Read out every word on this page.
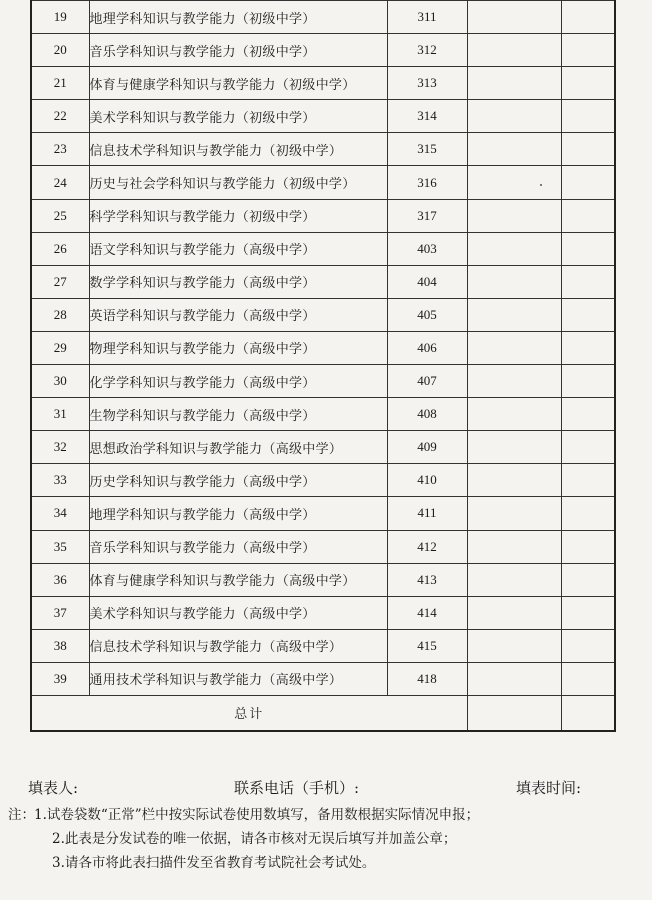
19	地理学科知识与教学能力（初级中学）	311		
20	音乐学科知识与教学能力（初级中学）	312		
21	体育与健康学科知识与教学能力（初级中学）	313		
22	美术学科知识与教学能力（初级中学）	314		
23	信息技术学科知识与教学能力（初级中学）	315		
24	历史与社会学科知识与教学能力（初级中学）	316		
25	科学学科知识与教学能力（初级中学）	317		
26	语文学科知识与教学能力（高级中学）	403		
27	数学学科知识与教学能力（高级中学）	404		
28	英语学科知识与教学能力（高级中学）	405		
29	物理学科知识与教学能力（高级中学）	406		
30	化学学科知识与教学能力（高级中学）	407		
31	生物学科知识与教学能力（高级中学）	408		
32	思想政治学科知识与教学能力（高级中学）	409		
33	历史学科知识与教学能力（高级中学）	410		
34	地理学科知识与教学能力（高级中学）	411		
35	音乐学科知识与教学能力（高级中学）	412		
36	体育与健康学科知识与教学能力（高级中学）	413		
37	美术学科知识与教学能力（高级中学）	414		
38	信息技术学科知识与教学能力（高级中学）	415		
39	通用技术学科知识与教学能力（高级中学）	418		
总计				
填表人:	联系电话（手机）:	填表时间:
注： 1.试卷袋数“正常”栏中按实际试卷使用数填写，备用数根据实际情况申报；
2.此表是分发试卷的唯一依据，请各市核对无误后填写并加盖公章；
3.请各市将此表扫描件发至省教育考试院社会考试处。
